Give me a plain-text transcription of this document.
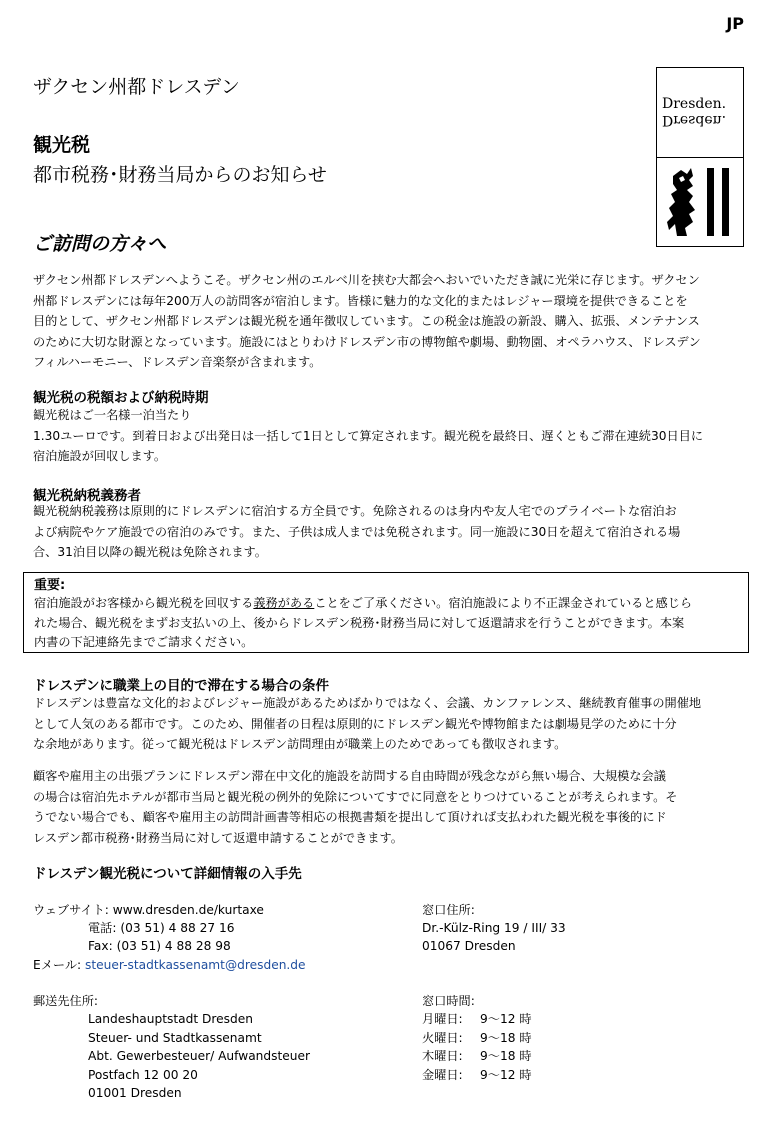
JP
ザクセン州都ドレスデン
観光税
都市税務･財務当局からのお知らせ
ご訪問の方々へ
Dresden.
Dresden.
ザクセン州都ドレスデンへようこそ。ザクセン州のエルベ川を挟む大都会へおいでいただき誠に光栄に存じます。ザクセン
州都ドレスデンには毎年200万人の訪問客が宿泊します。皆様に魅力的な文化的またはレジャー環境を提供できることを
目的として、ザクセン州都ドレスデンは観光税を通年徴収しています。この税金は施設の新設、購入、拡張、メンテナンス
のために大切な財源となっています。施設にはとりわけドレスデン市の博物館や劇場、動物園、オペラハウス、ドレスデン
フィルハーモニー、ドレスデン音楽祭が含まれます。
観光税の税額および納税時期
観光税はご一名様一泊当たり
1.30ユーロです。到着日および出発日は一括して1日として算定されます。観光税を最終日、遅くともご滞在連続30日目に
宿泊施設が回収します。
観光税納税義務者
観光税納税義務は原則的にドレスデンに宿泊する方全員です。免除されるのは身内や友人宅でのプライベートな宿泊お
よび病院やケア施設での宿泊のみです。また、子供は成人までは免税されます。同一施設に30日を超えて宿泊される場
合、31泊目以降の観光税は免除されます。
重要:
宿泊施設がお客様から観光税を回収する義務があることをご了承ください。宿泊施設により不正課金されていると感じら
れた場合、観光税をまずお支払いの上、後からドレスデン税務･財務当局に対して返還請求を行うことができます。本案
内書の下記連絡先までご請求ください。
ドレスデンに職業上の目的で滞在する場合の条件
ドレスデンは豊富な文化的およびレジャー施設があるためばかりではなく、会議、カンファレンス、継続教育催事の開催地
として人気のある都市です。このため、開催者の日程は原則的にドレスデン観光や博物館または劇場見学のために十分
な余地があります。従って観光税はドレスデン訪問理由が職業上のためであっても徴収されます。
顧客や雇用主の出張プランにドレスデン滞在中文化的施設を訪問する自由時間が残念ながら無い場合、大規模な会議
の場合は宿泊先ホテルが都市当局と観光税の例外的免除についてすでに同意をとりつけていることが考えられます。そ
うでない場合でも、顧客や雇用主の訪問計画書等相応の根拠書類を提出して頂ければ支払われた観光税を事後的にド
レスデン都市税務･財務当局に対して返還申請することができます。
ドレスデン観光税について詳細情報の入手先
ウェブサイト: www.dresden.de/kurtaxe
電話: (03 51) 4 88 27 16
Fax: (03 51) 4 88 28 98
Eメール: steuer-stadtkassenamt@dresden.de
窓口住所:
Dr.-Külz-Ring 19 / III/ 33
01067 Dresden
郵送先住所:
Landeshauptstadt Dresden
Steuer- und Stadtkassenamt
Abt. Gewerbesteuer/ Aufwandsteuer
Postfach 12 00 20
01001 Dresden
窓口時間:
月曜日: 9～12 時
火曜日: 9～18 時
木曜日: 9～18 時
金曜日: 9～12 時
